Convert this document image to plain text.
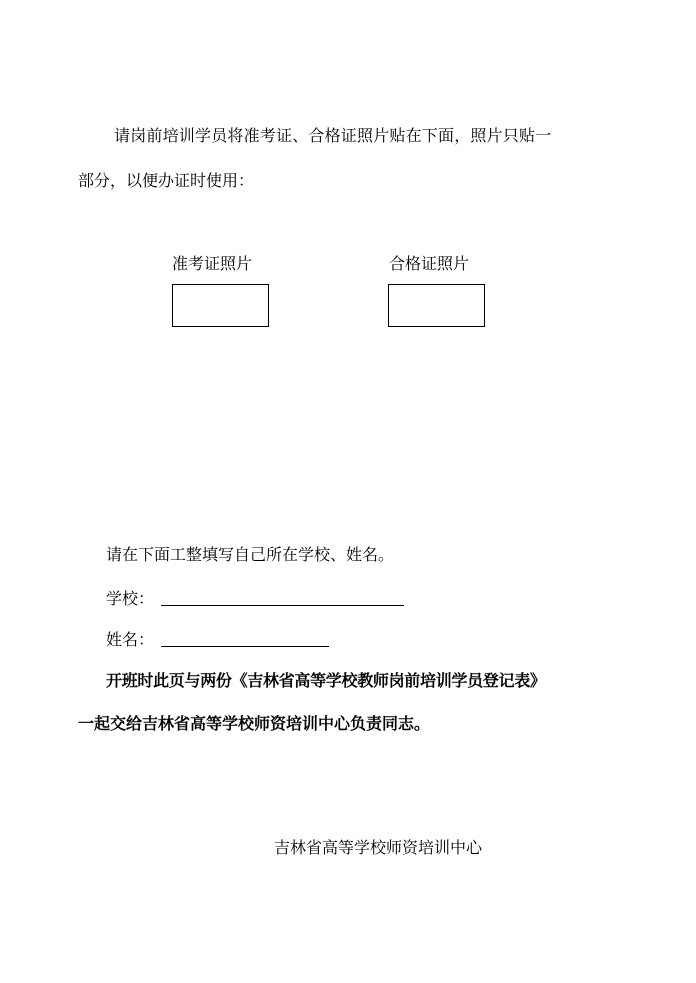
请岗前培训学员将准考证、合格证照片贴在下面，照片只贴一
部分，以便办证时使用：
准考证照片	合格证照片
请在下面工整填写自己所在学校、姓名。
学校：
姓名：
开班时此页与两份《吉林省高等学校教师岗前培训学员登记表》
一起交给吉林省高等学校师资培训中心负责同志。
吉林省高等学校师资培训中心
